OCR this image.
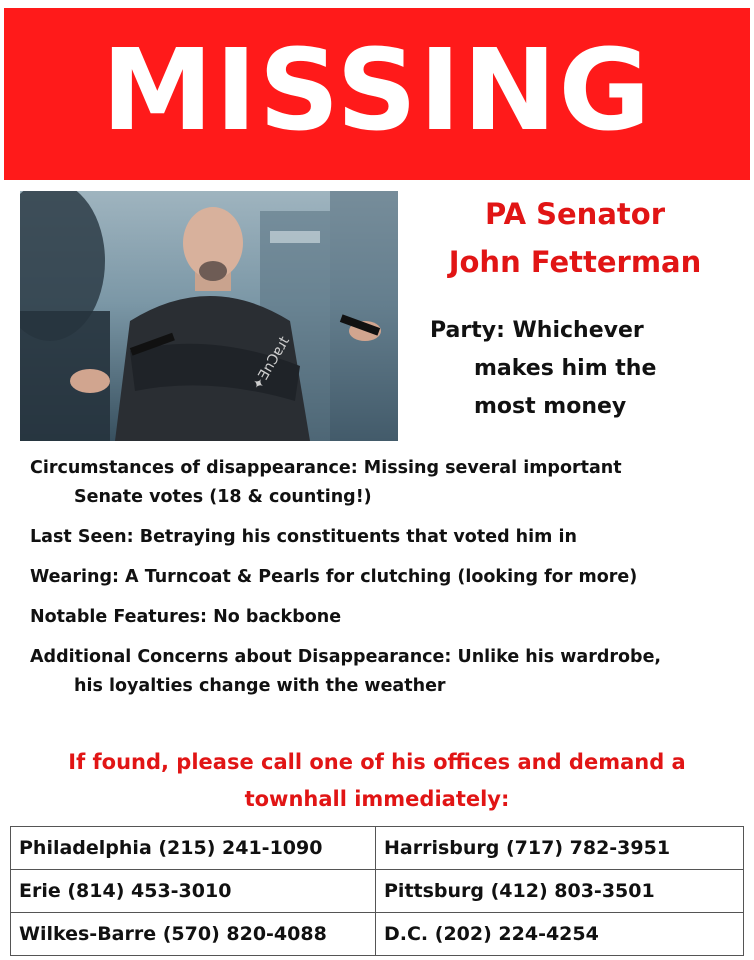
MISSING
✦ƎnƆɐɹt
PA Senator
John Fetterman
Party: Whichever
makes him the
most money
Circumstances of disappearance: Missing several important
Senate votes (18 & counting!)
Last Seen: Betraying his constituents that voted him in
Wearing: A Turncoat & Pearls for clutching (looking for more)
Notable Features: No backbone
Additional Concerns about Disappearance: Unlike his wardrobe,
his loyalties change with the weather
If found, please call one of his offices and demand a
townhall immediately:
Philadelphia (215) 241-1090	Harrisburg (717) 782-3951
Erie (814) 453-3010	Pittsburg (412) 803-3501
Wilkes-Barre (570) 820-4088	D.C. (202) 224-4254
